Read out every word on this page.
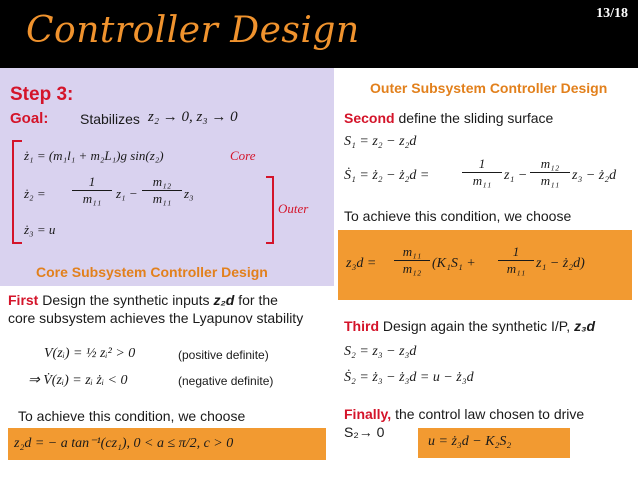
Controller Design	13/18
Step 3:
Goal: Stabilizes z₂ → 0, z₃ → 0
ż₁ = (m₁l₁ + m₂L₁)g sin(z₂)	Core
ż₂ = $\frac{1}{\text{m₁₁}} z_1 - \frac{\text{m₁₂}}{\text{m₁₁}} z_3$
Outer
ż₃ = u
Core Subsystem Controller Design
First Design the synthetic inputs z₂d for the
core subsystem achieves the Lyapunov stability
V(zᵢ) = ½ zᵢ² > 0	(positive definite)
⇒ V̇(zᵢ) = zᵢ żᵢ < 0	(negative definite)
To achieve this condition, we choose
z₂d = − a tan⁻¹(cz₁), 0 < a ≤ π/2, c > 0
Outer Subsystem Controller Design
Second define the sliding surface
S₁ = z₂ − z₂d
Ṡ₁ = ż₂ − ż₂d =	$\frac{1}{\text{m₁₁}} z_1 - \frac{\text{m₁₂}}{\text{m₁₁}} z_3$ − ż₂d
To achieve this condition, we choose
$z_3d = \frac{\text{m₁₁}}{\text{m₁₂}} (K_1S_1 + \frac{1}{\text{m₁₁}} z_1$ − ż₂d)
Third Design again the synthetic I/P, z₃d
S₂ = z₃ − z₃d
Ṡ₂ = ż₃ − ż₃d = u − ż₃d
Finally, the control law chosen to drive
S₂→ 0
u = ż₃d − K₂S₂
